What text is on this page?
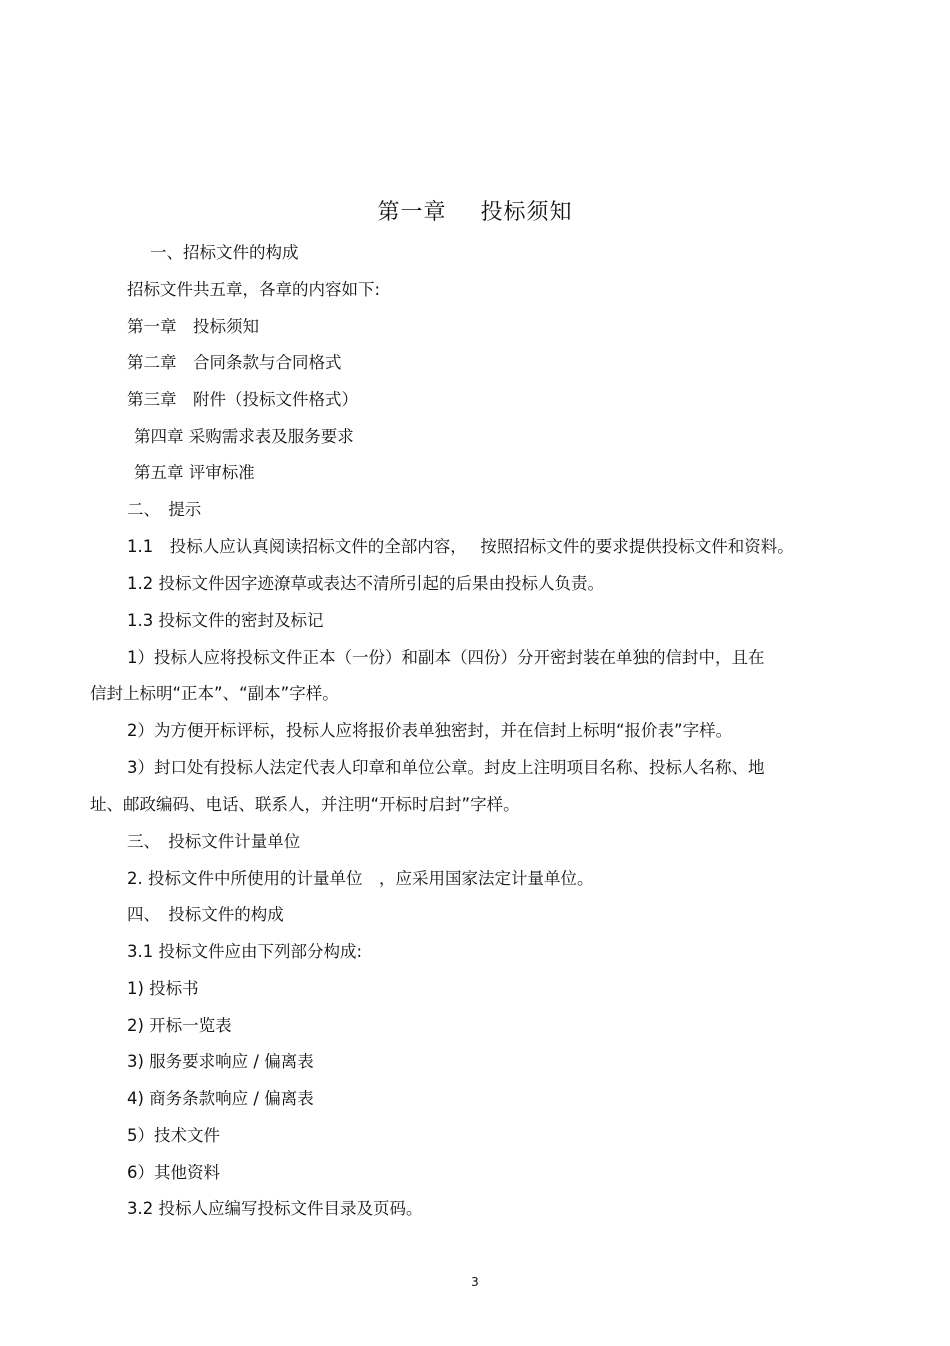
第一章 投标须知
一、招标文件的构成
招标文件共五章，各章的内容如下:
第一章　投标须知
第二章　合同条款与合同格式
第三章　附件（投标文件格式）
第四章 采购需求表及服务要求
第五章 评审标准
二、　提示
1.1　投标人应认真阅读招标文件的全部内容，　 按照招标文件的要求提供投标文件和资料。
1.2 投标文件因字迹潦草或表达不清所引起的后果由投标人负责。
1.3 投标文件的密封及标记
1）投标人应将投标文件正本（一份）和副本（四份）分开密封装在单独的信封中，且在
信封上标明“正本”、“副本”字样。
2）为方便开标评标，投标人应将报价表单独密封，并在信封上标明“报价表”字样。
3）封口处有投标人法定代表人印章和单位公章。封皮上注明项目名称、投标人名称、地
址、邮政编码、电话、联系人，并注明“开标时启封”字样。
三、　投标文件计量单位
2. 投标文件中所使用的计量单位　，应采用国家法定计量单位。
四、　投标文件的构成
3.1 投标文件应由下列部分构成:
1) 投标书
2) 开标一览表
3) 服务要求响应 / 偏离表
4) 商务条款响应 / 偏离表
5）技术文件
6）其他资料
3.2 投标人应编写投标文件目录及页码。
3
